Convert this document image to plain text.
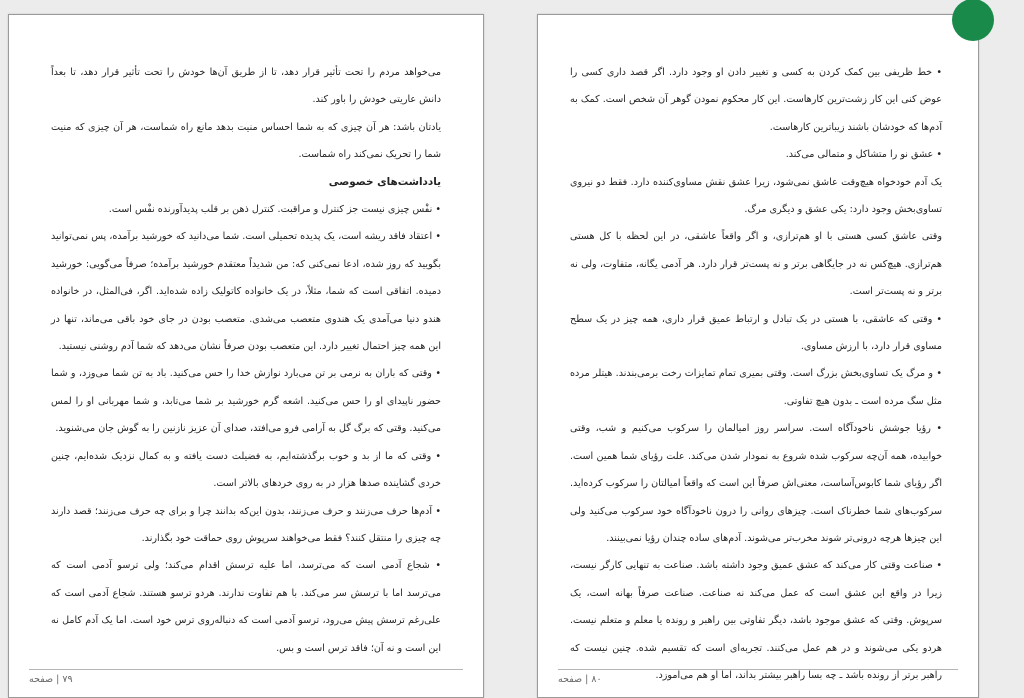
می‌خواهد مردم را تحت تأثیر قرار دهد، تا از طریق آن‌ها خودش را تحت تأثیر قرار دهد، تا بعداً دانش عاریتی خودش را باور کند.

یادتان باشد: هر آن چیزی که به شما احساس منیت بدهد مانع راه شماست، هر آن چیزی که منیت شما را تحریک نمی‌کند راه شماست.

یادداشت‌های خصوصی

• نفْس چیزی نیست جز کنترل و مراقبت. کنترل ذهن بر قلب پدیدآورنده نفْس است.

• اعتقاد فاقد ریشه است، یک پدیده تحمیلی است. شما می‌دانید که خورشید برآمده، پس نمی‌توانید بگویید که روز شده، ادعا نمی‌کنی که: من شدیداً معتقدم خورشید برآمده؛ صرفاً می‌گویی: خورشید دمیده. اتفاقی است که شما، مثلاً، در یک خانواده کاتولیک زاده شده‌اید. اگر، فی‌المثل، در خانواده هندو دنیا می‌آمدی یک هندوی متعصب می‌شدی. متعصب بودن در جای خود باقی می‌ماند، تنها در این همه چیز احتمال تغییر دارد. این متعصب بودن صرفاً نشان می‌دهد که شما آدم روشنی نیستید.

• وقتی که باران به نرمی بر تن می‌بارد نوازش خدا را حس می‌کنید. باد به تن شما می‌وزد، و شما حضور ناپیدای او را حس می‌کنید. اشعه گرم خورشید بر شما می‌تابد، و شما مهربانی او را لمس می‌کنید. وقتی که برگ گل به آرامی فرو می‌افتد، صدای آن عزیز نازنین را به گوش جان می‌شنوید.

• وقتی که ما از بد و خوب برگذشته‌ایم، به فضیلت دست یافته و به کمال نزدیک شده‌ایم، چنین خردی گشاینده صدها هزار در به روی خردهای بالاتر است.

• آدم‌ها حرف می‌زنند و حرف می‌زنند، بدون این‌که بدانند چرا و برای چه حرف می‌زنند؛ قصد دارند چه چیزی را منتقل کنند؟ فقط می‌خواهند سرپوش روی حماقت خود بگذارند.

• شجاع آدمی است که می‌ترسد، اما علیه ترسش اقدام می‌کند؛ ولی ترسو آدمی است که می‌ترسد اما با ترسش سر می‌کند. با هم تفاوت ندارند. هردو ترسو هستند. شجاع آدمی است که علی‌رغم ترسش پیش می‌رود، ترسو آدمی است که دنباله‌روی ترس خود است. اما یک آدم کامل نه این است و نه آن؛ فاقد ترس است و بس.

۷۹ | صفحه

• خط ظریفی بین کمک کردن به کسی و تغییر دادن او وجود دارد. اگر قصد داری کسی را عوض کنی این کار زشت‌ترین کارهاست. این کار محکوم نمودن گوهر آن شخص است. کمک به آدم‌ها که خودشان باشند زیباترین کارهاست.

• عشق نو را متشاکل و متمالی می‌کند.

یک آدم خودخواه هیچ‌وقت عاشق نمی‌شود، زیرا عشق نقش مساوی‌کننده دارد. فقط دو نیروی تساوی‌بخش وجود دارد: یکی عشق و دیگری مرگ.

وقتی عاشق کسی هستی با او هم‌ترازی، و اگر واقعاً عاشقی، در این لحظه با کل هستی هم‌ترازی. هیچ‌کس نه در جایگاهی برتر و نه پست‌تر قرار دارد. هر آدمی یگانه، متفاوت، ولی نه برتر و نه پست‌تر است.

• وقتی که عاشقی، با هستی در یک تبادل و ارتباط عمیق قرار داری، همه چیز در یک سطح مساوی قرار دارد، با ارزش مساوی.

• و مرگ یک تساوی‌بخش بزرگ است. وقتی بمیری تمام تمایزات رخت برمی‌بندند. هیتلر مرده مثل سگ مرده است ـ بدون هیچ تفاوتی.

• رؤیا جوشش ناخودآگاه است. سراسر روز امیالمان را سرکوب می‌کنیم و شب، وقتی خوابیده، همه آن‌چه سرکوب شده شروع به نمودار شدن می‌کند. علت رؤیای شما همین است. اگر رؤیای شما کابوس‌آساست، معنی‌اش صرفاً این است که واقعاً امیالتان را سرکوب کرده‌اید. سرکوب‌های شما خطرناک است. چیزهای روانی را درون ناخودآگاه خود سرکوب می‌کنید ولی این چیزها هرچه درونی‌تر شوند مخرب‌تر می‌شوند. آدم‌های ساده چندان رؤیا نمی‌بینند.

• صناعت وقتی کار می‌کند که عشق عمیق وجود داشته باشد. صناعت به تنهایی کارگر نیست، زیرا در واقع این عشق است که عمل می‌کند نه صناعت. صناعت صرفاً بهانه است، یک سرپوش. وقتی که عشق موجود باشد، دیگر تفاوتی بین راهبر و رونده یا معلم و متعلم نیست. هردو یکی می‌شوند و در هم عمل می‌کنند. تجربه‌ای است که تقسیم شده. چنین نیست که راهبر برتر از رونده باشد ـ چه بسا راهبر بیشتر بداند، اما او هم می‌آموزد.

۸۰ | صفحه
